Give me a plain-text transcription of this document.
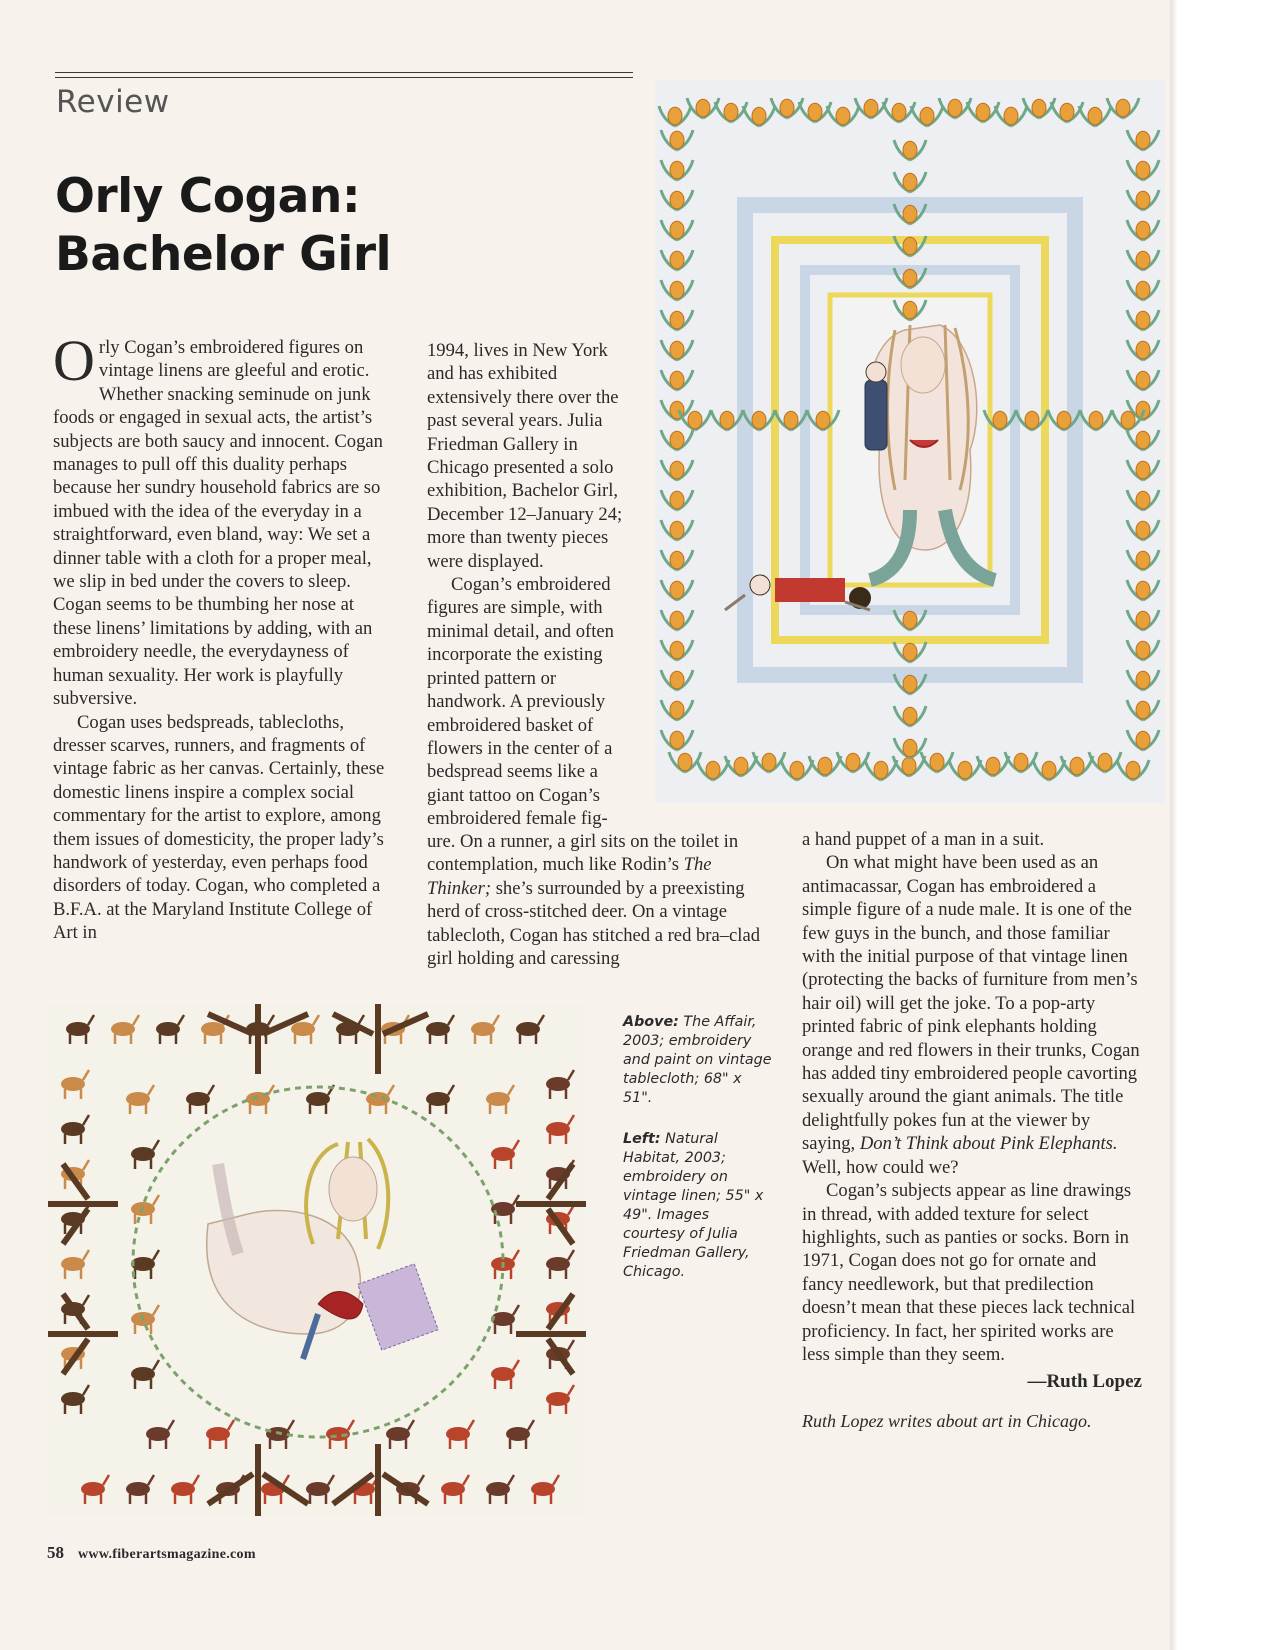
Review
Orly Cogan:
Bachelor Girl

Orly Cogan’s embroidered figures on vintage linens are gleeful and erotic. Whether snacking seminude on junk foods or engaged in sexual acts, the artist’s subjects are both saucy and innocent. Cogan manages to pull off this duality perhaps because her sundry household fabrics are so imbued with the idea of the everyday in a straightforward, even bland, way: We set a dinner table with a cloth for a proper meal, we slip in bed under the covers to sleep. Cogan seems to be thumbing her nose at these linens’ limitations by adding, with an embroidery needle, the everydayness of human sexuality. Her work is playfully subversive.

Cogan uses bedspreads, tablecloths, dresser scarves, runners, and fragments of vintage fabric as her canvas. Certainly, these domestic linens inspire a complex social commentary for the artist to explore, among them issues of domesticity, the proper lady’s handwork of yesterday, even perhaps food disorders of today. Cogan, who completed a B.F.A. at the Maryland Institute College of Art in

1994, lives in New York and has exhibited extensively there over the past several years. Julia Friedman Gallery in Chicago presented a solo exhibition, Bachelor Girl, December 12–January 24; more than twenty pieces were displayed.

Cogan’s embroidered figures are simple, with minimal detail, and often incorporate the existing printed pattern or handwork. A previously embroidered basket of flowers in the center of a bedspread seems like a giant tattoo on Cogan’s embroidered female fig-

ure. On a runner, a girl sits on the toilet in contemplation, much like Rodin’s The Thinker; she’s surrounded by a preexisting herd of cross-stitched deer. On a vintage tablecloth, Cogan has stitched a red bra–clad girl holding and caressing

a hand puppet of a man in a suit.

On what might have been used as an antimacassar, Cogan has embroidered a simple figure of a nude male. It is one of the few guys in the bunch, and those familiar with the initial purpose of that vintage linen (protecting the backs of furniture from men’s hair oil) will get the joke. To a pop-arty printed fabric of pink elephants holding orange and red flowers in their trunks, Cogan has added tiny embroidered people cavorting sexually around the giant animals. The title delightfully pokes fun at the viewer by saying, Don’t Think about Pink Elephants. Well, how could we?

Cogan’s subjects appear as line drawings in thread, with added texture for select highlights, such as panties or socks. Born in 1971, Cogan does not go for ornate and fancy needlework, but that predilection doesn’t mean that these pieces lack technical proficiency. In fact, her spirited works are less simple than they seem.

—Ruth Lopez

Ruth Lopez writes about art in Chicago.

Above: The Affair, 2003; embroidery and paint on vintage tablecloth; 68" x 51".
Left: Natural Habitat, 2003; embroidery on vintage linen; 55" x 49". Images courtesy of Julia Friedman Gallery, Chicago.

58 www.fiberartsmagazine.com
